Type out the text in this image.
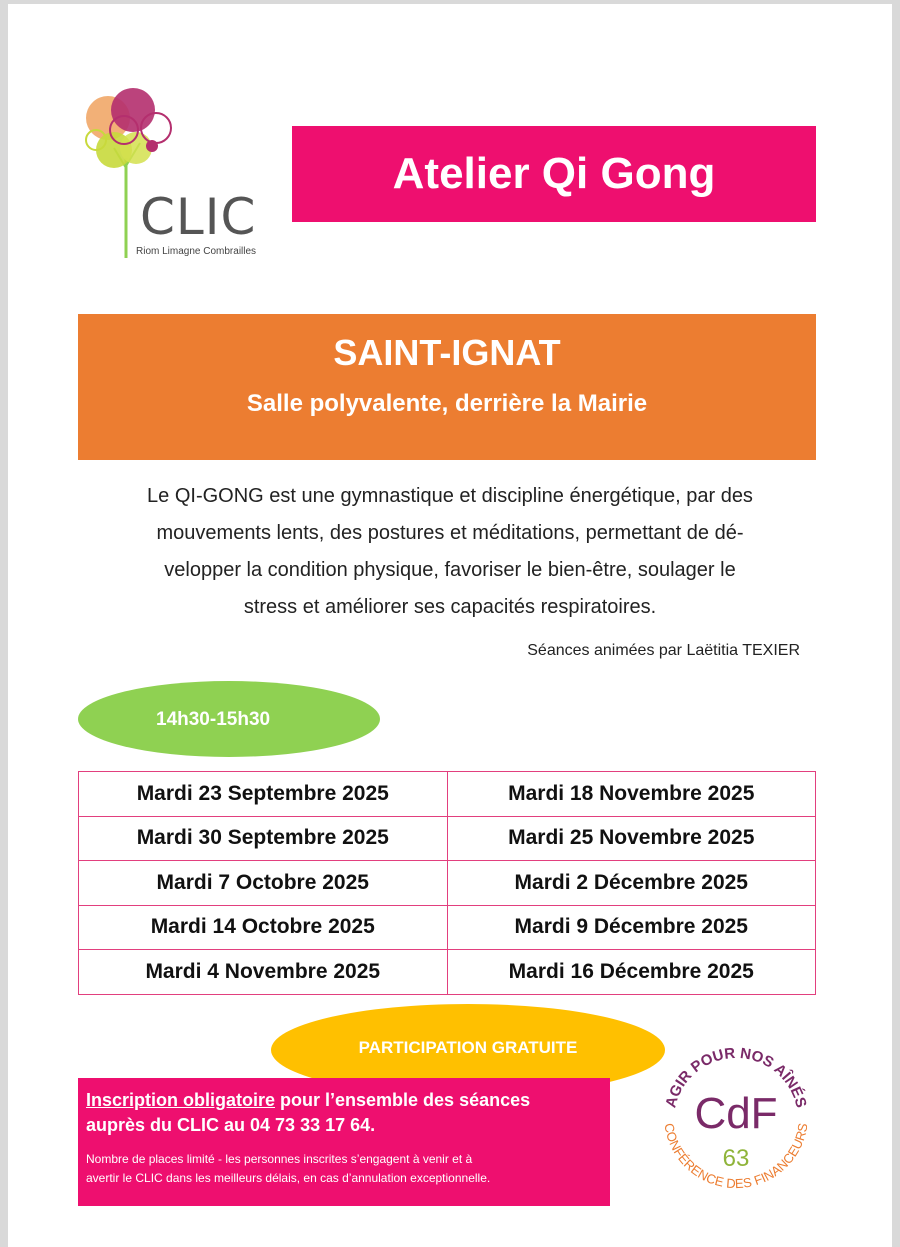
CLIC
Riom Limagne Combrailles
Atelier Qi Gong
SAINT-IGNAT
Salle polyvalente, derrière la Mairie
Le QI-GONG est une gymnastique et discipline énergétique, par des
mouvements lents, des postures et méditations, permettant de dé-
velopper la condition physique, favoriser le bien-être, soulager le
stress et améliorer ses capacités respiratoires.
Séances animées par Laëtitia TEXIER
14h30-15h30
Mardi 23 Septembre 2025	Mardi 18 Novembre 2025
Mardi 30 Septembre 2025	Mardi 25 Novembre 2025
Mardi 7 Octobre 2025	Mardi 2 Décembre 2025
Mardi 14 Octobre 2025	Mardi 9 Décembre 2025
Mardi 4 Novembre 2025	Mardi 16 Décembre 2025
PARTICIPATION GRATUITE
Inscription obligatoire pour l’ensemble des séances
auprès du CLIC au 04 73 33 17 64.
Nombre de places limité - les personnes inscrites s’engagent à venir et à
avertir le CLIC dans les meilleurs délais, en cas d’annulation exceptionnelle.
AGIR POUR NOS AÎNÉS
CONFÉRENCE DES FINANCEURS
CdF
63
